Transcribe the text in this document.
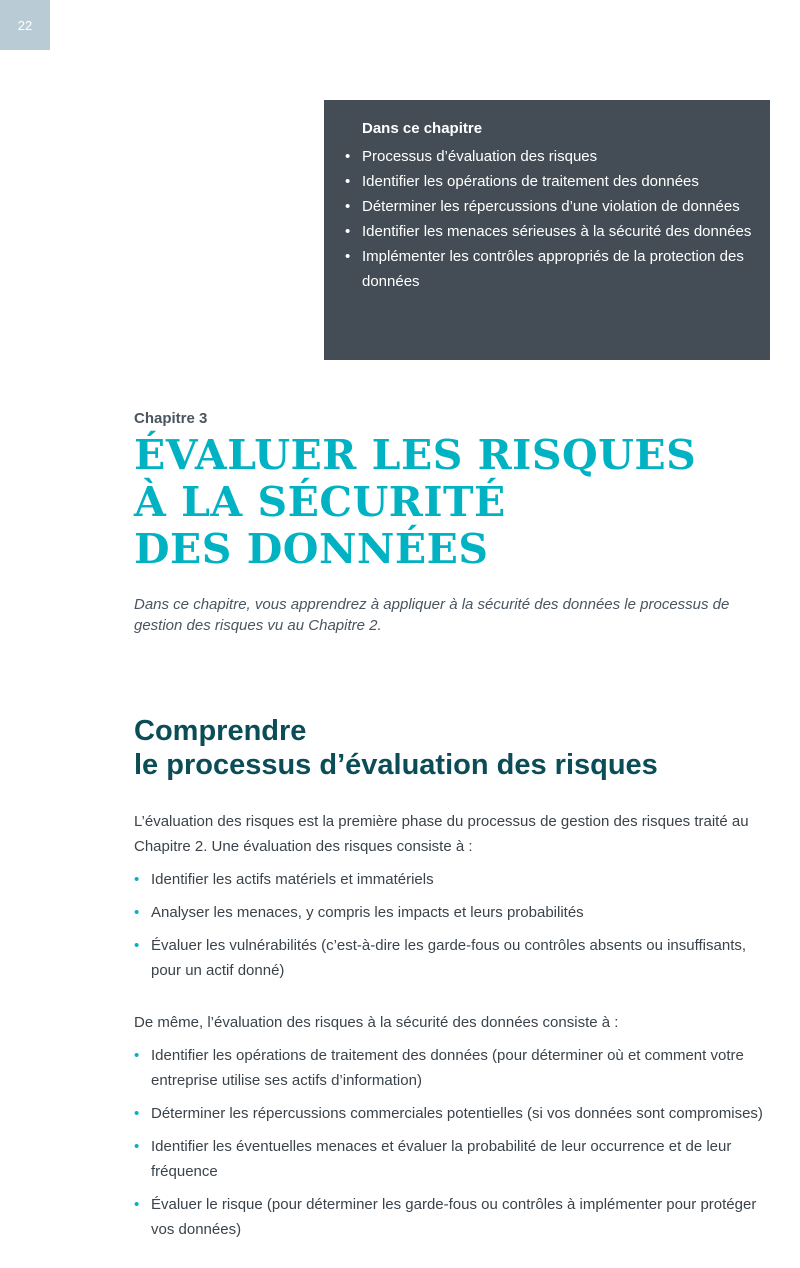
22
Dans ce chapitre
• Processus d’évaluation des risques
• Identifier les opérations de traitement des données
• Déterminer les répercussions d’une violation de données
• Identifier les menaces sérieuses à la sécurité des données
• Implémenter les contrôles appropriés de la protection des données
Chapitre 3
ÉVALUER LES RISQUES
À LA SÉCURITÉ
DES DONNÉES

Dans ce chapitre, vous apprendrez à appliquer à la sécurité des données le processus de gestion des risques vu au Chapitre 2.

Comprendre
le processus d’évaluation des risques

L’évaluation des risques est la première phase du processus de gestion des risques traité au Chapitre 2. Une évaluation des risques consiste à :

• Identifier les actifs matériels et immatériels
• Analyser les menaces, y compris les impacts et leurs probabilités
• Évaluer les vulnérabilités (c’est-à-dire les garde-fous ou contrôles absents ou insuffisants, pour un actif donné)

De même, l’évaluation des risques à la sécurité des données consiste à :

• Identifier les opérations de traitement des données (pour déterminer où et comment votre entreprise utilise ses actifs d’information)
• Déterminer les répercussions commerciales potentielles (si vos données sont compromises)
• Identifier les éventuelles menaces et évaluer la probabilité de leur occurrence et de leur fréquence
• Évaluer le risque (pour déterminer les garde-fous ou contrôles à implémenter pour protéger vos données)
